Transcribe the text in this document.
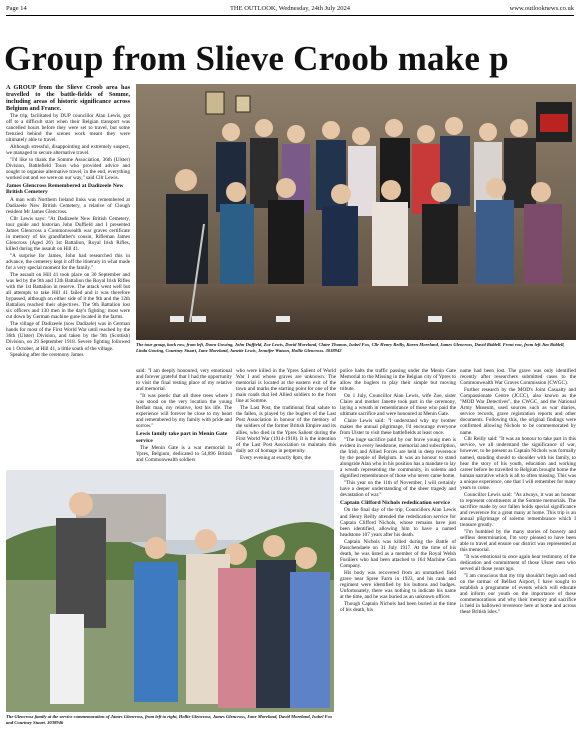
Page 14	THE OUTLOOK, Wednesday, 24th July 2024	www.outlooknews.co.uk
Group from Slieve Croob make p

A GROUP from the Slieve Croob area has travelled to the battle-fields of Somme, including areas of historic significance across Belgium and France.

The trip, facilitated by DUP councillor Alan Lewis, got off to a difficult start when their Belgian transport was cancelled hours before they were set to travel, but some frenzied behind the scenes work meant they were ultimately able to travel.

Although stressful, disappointing and extremely suspect, we managed to secure alternative travel.

"I'd like to thank the Somme Association, 36th (Ulster) Division, Battlefield Tours who provided advice and sought to organise alternative travel, in the end, everything worked out and we were on our way," said Cllr Lewis.

James Glencross Remembered at Dadizeele New British Cemetery

A man with Northern Ireland links was remembered at Dadizeele New British Cemetery, a relative of Clough resident Mr James Glencross.

Cllr Lewis says: "At Dadizeele New British Cemetery, tour guide and historian John Duffield and I presented James Glencross a Commonwealth war graves certificate in memory of his grandfather's cousin, Rifleman James Glencross (Aged 26) 1st Battalion, Royal Irish Rifles, killed during the assault on Hill 41.

"A surprise for James, John had researched this in advance, the cemetery kept it off the itinerary in what made for a very special moment for the family."

The assault on Hill 41 took place on 30 September and was led by the 9th and 12th Battalion the Royal Irish Rifles with the 1st Battalion in reserve. The attack went well but all attempts to take Hill 41 failed and it was therefore bypassed, although on either side of it the 9th and the 12th Battalion reached their objectives. The 9th Battalion lost six officers and 130 men in the day's fighting: most were cut down by German machine gune located in the farms.

The village of Dadizeele (now Dadizele) was in German hands for most of the First World War until reached by the 36th (Ulster) Division, and taken by the 9th (Scottish) Division, on 29 September 1918. Severe fighting followed on 1 October, at Hill 41, a little south of the village.

Speaking after the ceremony James

The tour group, back row, from left, Dawn Gowing, John Duffield, Zoe Lewis, David Moreland, Claire Thomas, Isobel Fox, Cllr Henry Reilly, Karen Moreland, James Glencross, David Riddell. Front row, from left Jim Riddell, Linda Gowing, Courtney Stuart, June Moreland, Janette Lewis, Jennifer Watson, Hollie Glencross. 3038942

said: "I am deeply honoured, very emotional and forever grateful that I had the opportunity to visit the final resting place of my relative and memorial.

"It was poetic that all three trees where I was stood on the very location the young Belfast man, my relative, lost his life. The experience will forever be close to my heart and remembered by my family with pride and sorrow."

Lewis family take part in Menin Gate service

The Menin Gate is a war memorial in Ypres, Belgium, dedicated to 54,896 British and Commonwealth soldiers

who were killed in the Ypres Salient of World War I and whose graves are unknown. The memorial is located at the eastern exit of the town and marks the starting point for one of the main roads that led Allied soldiers to the front line at Somme.

The Last Post, the traditional final salute to the fallen, is played by the buglers of the Last Post Association in honour of the memory of the soldiers of the former British Empire and its allies, who died in the Ypres Salient during the First World War (1914-1918). It is the intention of the Last Post Association to maintain this daily act of homage in perpetuity.

Every evening at exactly 8pm, the

police halts the traffic passing under the Menin Gate Memorial to the Missing in the Belgian city of Ypres to allow the buglers to play their simple but moving tribute.

On 1 July, Councillor Alan Lewis, wife Zoe, sister Claire and mother Janette took part in the ceremony, laying a wreath in remembrance of those who paid the ultimate sacrifice and were honoured at Menin Gate.

Claire Lewis said: "I understand why my brother makes the annual pilgrimage, I'd encourage everyone from Ulster to visit these battlefields at least once.

"The huge sacrifice paid by our brave young men is evident in every headstone, memorial and subscription, the Irish and Allied Forces are held in deep reverence by the people of Belgium. It was an honour to stand alongside Alan who in his position has a mandate to lay a wreath representing the community, in solemn and dignified remembrance of those who never came home.

"This year on the 11th of November, I will certainly have a deeper understanding of the sheer tragedy and devastation of war."

Captain Clifford Nichols rededication service

On the final day of the trip, Councillors Alan Lewis and Henry Reilly attended the rededication service for Captain Clifford Nichols, whose remains have just been identified, allowing him to have a named headstone 107 years after his death.

Captain Nichols was killed during the Battle of Passchendaele on 31 July 1917. At the time of his death, he was listed as a member of the Royal Welsh Fusiliers who had been attached to 164 Machine Gun Company.

His body was recovered from an unmarked field grave near Spree Farm in 1923, and his rank and regiment were identified by his buttons and badges. Unfortunately, there was nothing to indicate his name at the time, and he was buried as an unknown officer.

Though Captain Nichols had been buried at the time of his death, his

name had been lost. The grave was only identified recently after researchers submitted cases to the Commonwealth War Graves Commission (CWGC).

Further research by the MOD's Joint Casualty and Compassionate Centre (JCCC), also known as the "MOD War Detectives", the CWGC, and the National Army Museum, used sources such as war diaries, service records, grave registration reports and other documents. Following this, the original findings were confirmed allowing Nichols to be commemorated by name.

Cllr Reilly said: "It was an honour to take part in this service, we all understand the significance of war, however, to be present as Captain Nichols was formally named, standing should to shoulder with his family, to hear the story of his youth, education and working career before he travelled to Belgium brought home the human narrative which is all to often missing. This was a unique experience, one that I will remember for many years to come.

Councillor Lewis said: "As always, it was an honour to represent constituents at the Somme memorials. The sacrifice made by our fallen holds special significance and reverence for a great many at home. This trip is an annual pilgrimage of solemn remembrance which I treasure greatly.

"I'm humbled by the many stories of bravery and selfless determination, I'm very pleased to have been able to travel and ensure our district was represented at this memorial.

"It was emotional to once again hear testimony of the dedication and commitment of those Ulster men who served all those years ago.

"I am conscious that my trip shouldn't begin and end on the tarmac of Belfast Airport, I have sought to establish a programme of events which will educate and inform our youth on the importance of these commemorations and why their memory and sacrifice is held in hallowed reverence here at home and across these British isles."

The Glencross family at the service commemoration of James Glencross, from left to right, Hollie Glencross, James Glencross, June Moreland, David Moreland, Isobel Fox and Courtney Stuart. 3038946
